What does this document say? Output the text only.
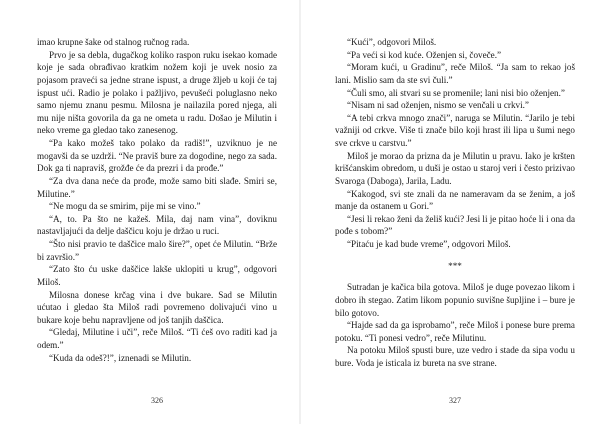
imao krupne šake od stalnog ručnog rada.

Prvo je sa debla, dugačkog koliko raspon ruku isekao komade koje je sada obrađivao kratkim nožem koji je uvek nosio za pojasom praveći sa jedne strane ispust, a druge žljeb u koji će taj ispust ući. Radio je polako i pažljivo, pevušeći poluglasno neko samo njemu znanu pesmu. Milosna je nailazila pored njega, ali mu nije ništa govorila da ga ne ometa u radu. Došao je Milutin i neko vreme ga gledao tako zanesenog.

“Pa kako možeš tako polako da radiš!”, uzviknuo je ne mogavši da se uzdrži. “Ne praviš bure za dogodine, nego za sada. Dok ga ti napraviš, grožđe će da prezri i da prođe.”

“Za dva dana neće da prođe, može samo biti slađe. Smiri se, Milutine.”

“Ne mogu da se smirim, pije mi se vino.”

“A, to. Pa što ne kažeš. Mila, daj nam vina”, doviknu nastavljajući da delje daščicu koju je držao u ruci.

“Što nisi pravio te daščice malo šire?”, opet će Milutin. “Brže bi završio.”

“Zato što ću uske daščice lakše uklopiti u krug”, odgovori Miloš.

Milosna donese krčag vina i dve bukare. Sad se Milutin ućutao i gledao šta Miloš radi povremeno dolivajući vino u bukare koje behu napravljene od još tanjih daščica.

“Gledaj, Milutine i uči”, reče Miloš. “Ti ćeš ovo raditi kad ja odem.”

“Kuda da odeš?!”, iznenadi se Milutin.

326

“Kući”, odgovori Miloš.

“Pa veći si kod kuće. Oženjen si, čoveče.”

“Moram kući, u Gradinu”, reče Miloš. “Ja sam to rekao još lani. Mislio sam da ste svi čuli.”

“Čuli smo, ali stvari su se promenile; lani nisi bio oženjen.”

“Nisam ni sad oženjen, nismo se venčali u crkvi.”

“A tebi crkva mnogo znači”, naruga se Milutin. “Jarilo je tebi važniji od crkve. Više ti znače bilo koji hrast ili lipa u šumi nego sve crkve u carstvu.”

Miloš je morao da prizna da je Milutin u pravu. Iako je kršten krišćanskim obredom, u duši je ostao u staroj veri i često prizivao Svaroga (Daboga), Jarila, Ladu.

“Kakogod, svi ste znali da ne nameravam da se ženim, a još manje da ostanem u Gori.”

“Jesi li rekao ženi da želiš kući? Jesi li je pitao hoće li i ona da pođe s tobom?”

“Pitaću je kad bude vreme”, odgovori Miloš.

***

Sutradan je kačica bila gotova. Miloš je duge povezao likom i dobro ih stegao. Zatim likom popunio suvišne šupljine i – bure je bilo gotovo.

“Hajde sad da ga isprobamo”, reče Miloš i ponese bure prema potoku. “Ti ponesi vedro”, reče Milutinu.

Na potoku Miloš spusti bure, uze vedro i stade da sipa vodu u bure. Voda je isticala iz bureta na sve strane.

327
